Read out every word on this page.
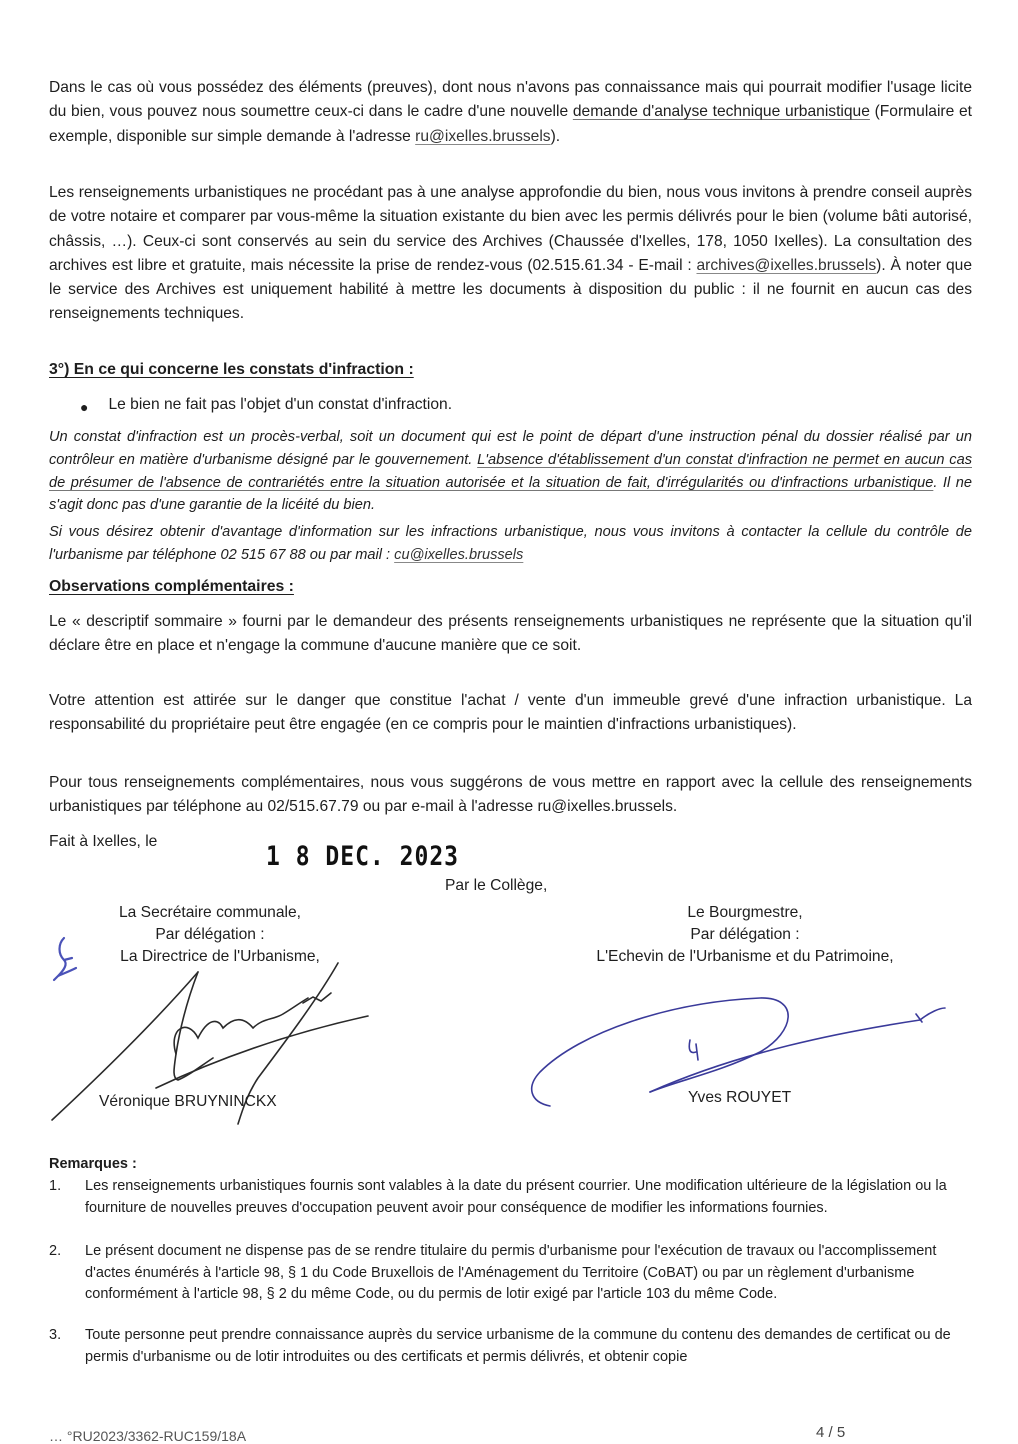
Dans le cas où vous possédez des éléments (preuves), dont nous n'avons pas connaissance mais qui pourrait modifier l'usage licite du bien, vous pouvez nous soumettre ceux-ci dans le cadre d'une nouvelle demande d'analyse technique urbanistique (Formulaire et exemple, disponible sur simple demande à l'adresse ru@ixelles.brussels).

Les renseignements urbanistiques ne procédant pas à une analyse approfondie du bien, nous vous invitons à prendre conseil auprès de votre notaire et comparer par vous-même la situation existante du bien avec les permis délivrés pour le bien (volume bâti autorisé, châssis, …). Ceux-ci sont conservés au sein du service des Archives (Chaussée d'Ixelles, 178, 1050 Ixelles). La consultation des archives est libre et gratuite, mais nécessite la prise de rendez-vous (02.515.61.34 - E-mail : archives@ixelles.brussels). À noter que le service des Archives est uniquement habilité à mettre les documents à disposition du public : il ne fournit en aucun cas des renseignements techniques.

3°) En ce qui concerne les constats d'infraction :

● Le bien ne fait pas l'objet d'un constat d'infraction.

Un constat d'infraction est un procès-verbal, soit un document qui est le point de départ d'une instruction pénal du dossier réalisé par un contrôleur en matière d'urbanisme désigné par le gouvernement. L'absence d'établissement d'un constat d'infraction ne permet en aucun cas de présumer de l'absence de contrariétés entre la situation autorisée et la situation de fait, d'irrégularités ou d'infractions urbanistique. Il ne s'agit donc pas d'une garantie de la licéité du bien.

Si vous désirez obtenir d'avantage d'information sur les infractions urbanistique, nous vous invitons à contacter la cellule du contrôle de l'urbanisme par téléphone 02 515 67 88 ou par mail : cu@ixelles.brussels

Observations complémentaires :

Le « descriptif sommaire » fourni par le demandeur des présents renseignements urbanistiques ne représente que la situation qu'il déclare être en place et n'engage la commune d'aucune manière que ce soit.

Votre attention est attirée sur le danger que constitue l'achat / vente d'un immeuble grevé d'une infraction urbanistique. La responsabilité du propriétaire peut être engagée (en ce compris pour le maintien d'infractions urbanistiques).

Pour tous renseignements complémentaires, nous vous suggérons de vous mettre en rapport avec la cellule des renseignements urbanistiques par téléphone au 02/515.67.79 ou par e-mail à l'adresse ru@ixelles.brussels.

Fait à Ixelles, le
1 8 DEC. 2023
Par le Collège,
La Secrétaire communale,
Par délégation :
La Directrice de l'Urbanisme,
Le Bourgmestre,
Par délégation :
L'Echevin de l'Urbanisme et du Patrimoine,
Véronique BRUYNINCKX	Yves ROUYET
Remarques :
1.	Les renseignements urbanistiques fournis sont valables à la date du présent courrier. Une modification ultérieure de la législation ou la fourniture de nouvelles preuves d'occupation peuvent avoir pour conséquence de modifier les informations fournies.
2.	Le présent document ne dispense pas de se rendre titulaire du permis d'urbanisme pour l'exécution de travaux ou l'accomplissement d'actes énumérés à l'article 98, § 1 du Code Bruxellois de l'Aménagement du Territoire (CoBAT) ou par un règlement d'urbanisme conformément à l'article 98, § 2 du même Code, ou du permis de lotir exigé par l'article 103 du même Code.
3.	Toute personne peut prendre connaissance auprès du service urbanisme de la commune du contenu des demandes de certificat ou de permis d'urbanisme ou de lotir introduites ou des certificats et permis délivrés, et obtenir copie
… °RU2023/3362-RUC159/18A	4 / 5
